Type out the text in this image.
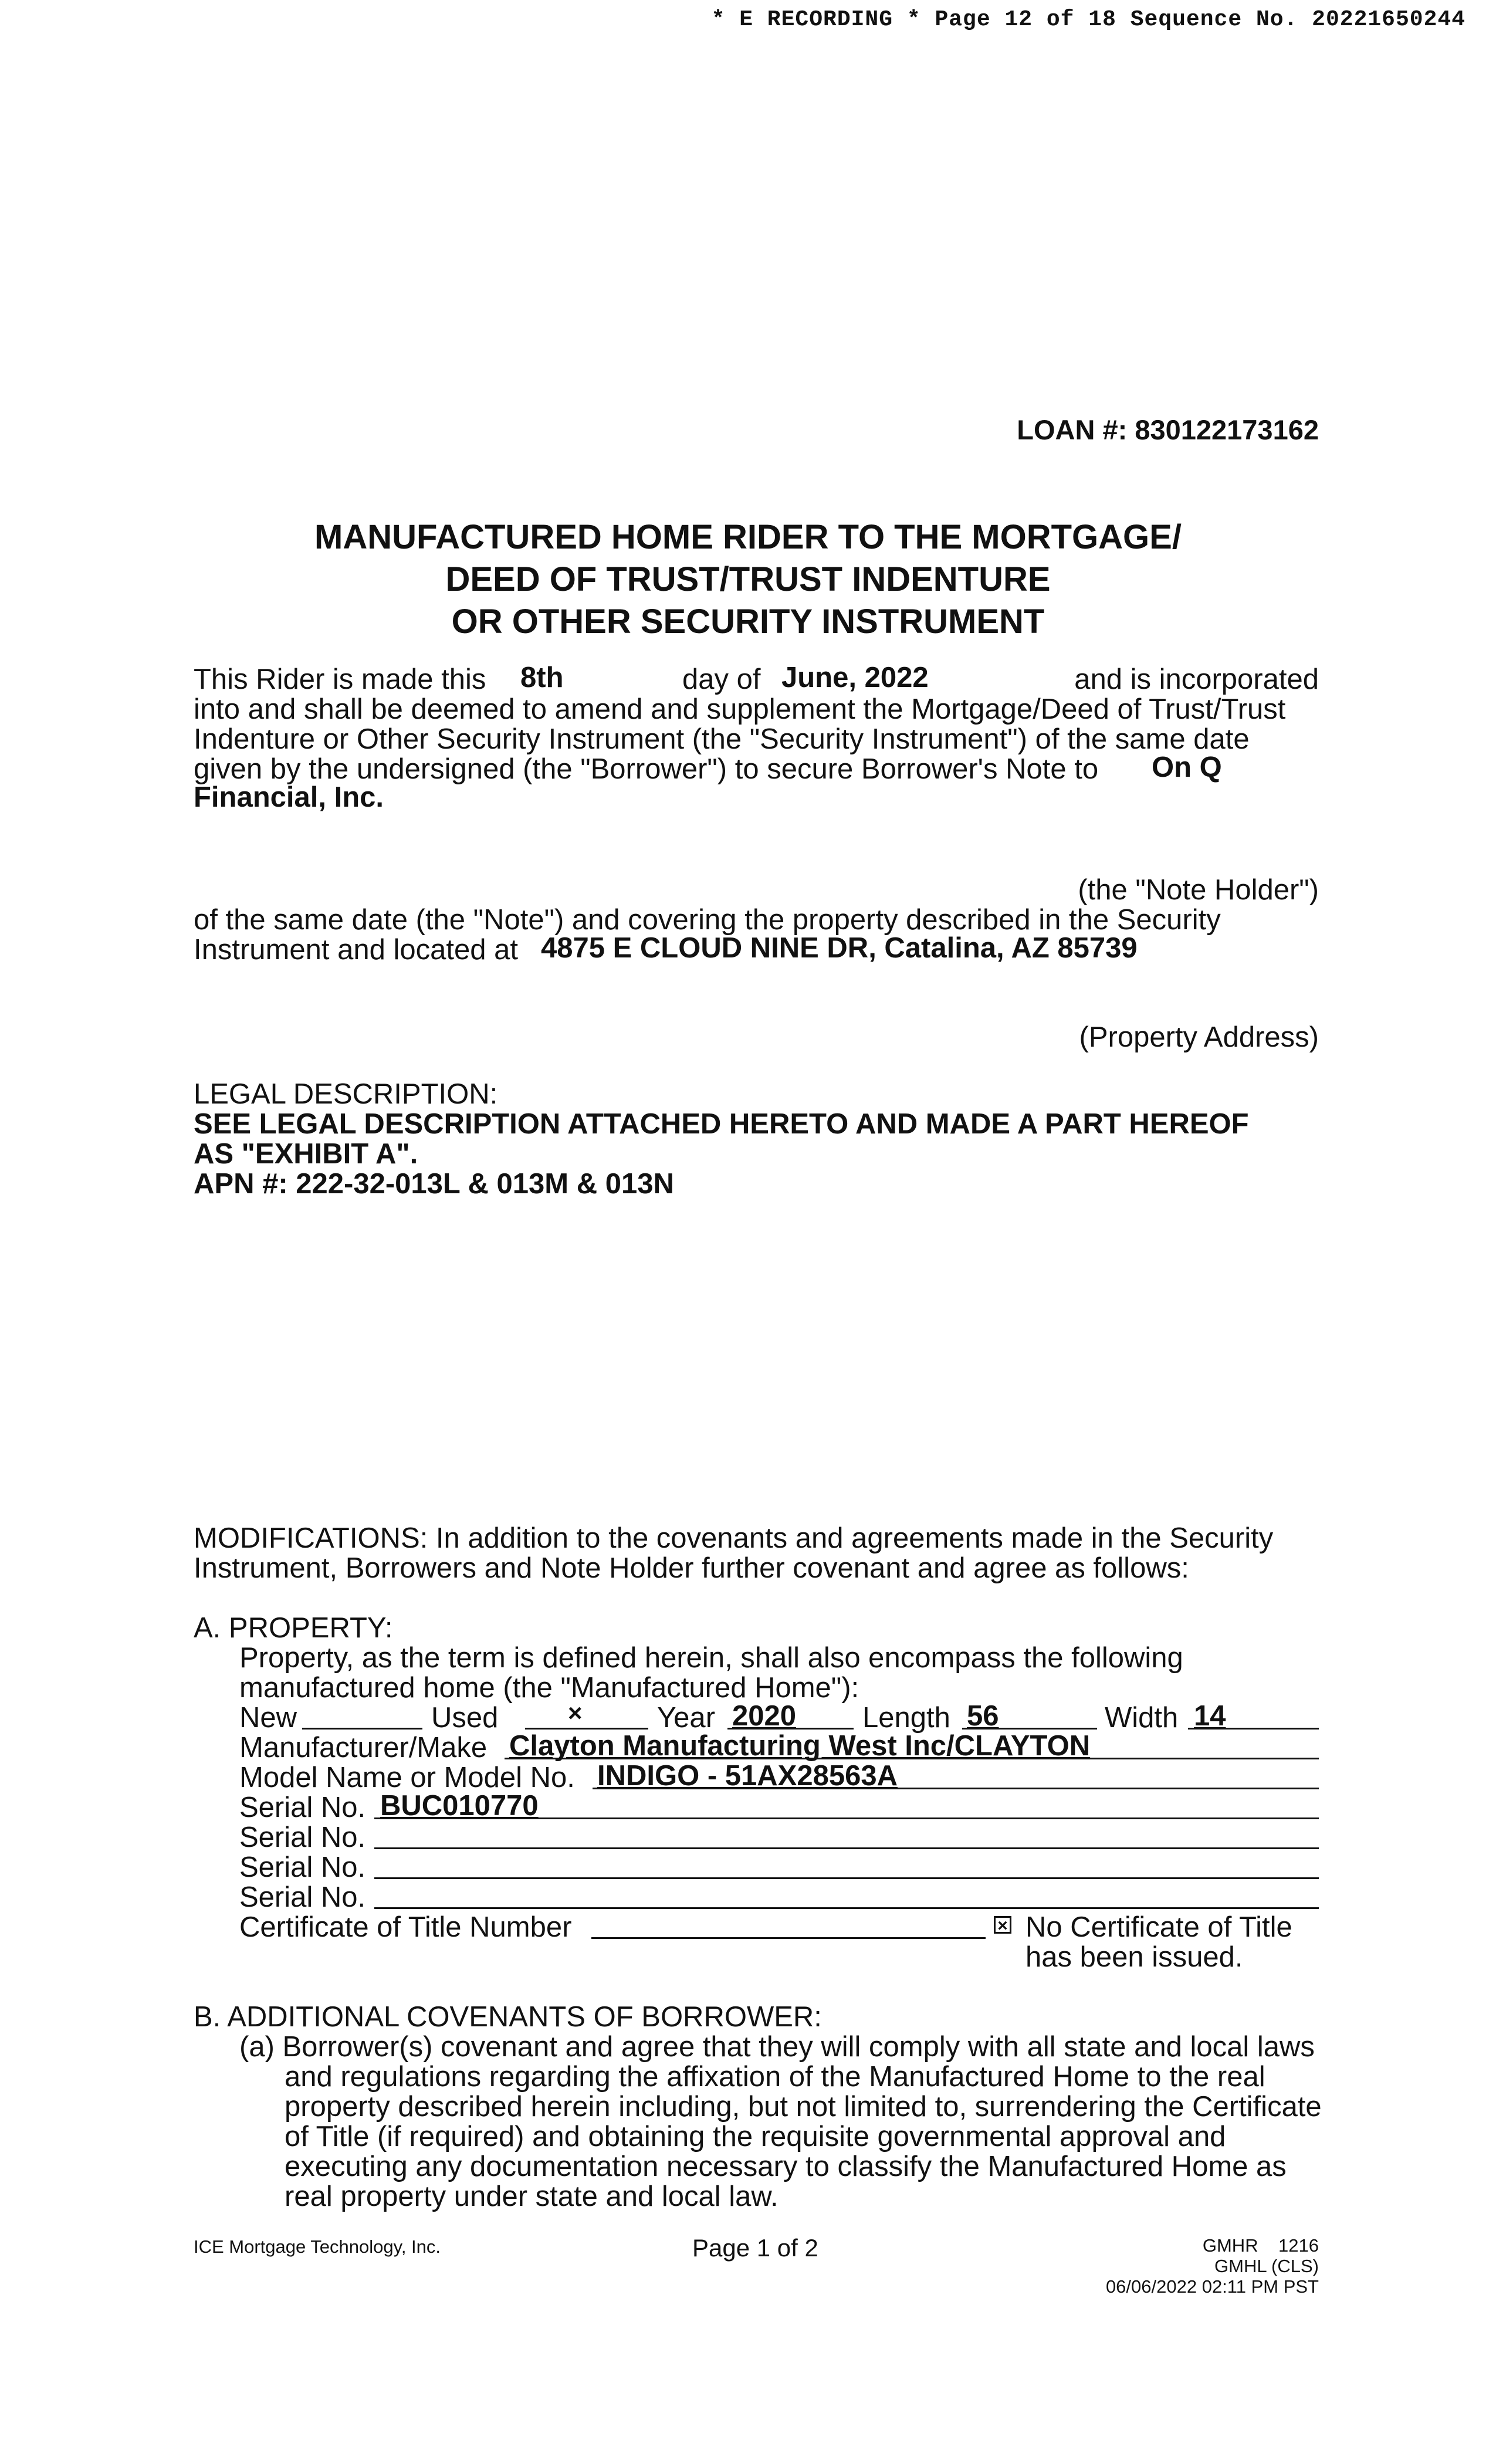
* E RECORDING * Page 12 of 18 Sequence No. 20221650244
LOAN #: 830122173162
MANUFACTURED HOME RIDER TO THE MORTGAGE/
DEED OF TRUST/TRUST INDENTURE
OR OTHER SECURITY INSTRUMENT
This Rider is made this 8th	day of June, 2022	and is incorporated
into and shall be deemed to amend and supplement the Mortgage/Deed of Trust/Trust
Indenture or Other Security Instrument (the "Security Instrument") of the same date
given by the undersigned (the "Borrower") to secure Borrower's Note to On Q
Financial, Inc.
(the "Note Holder")
of the same date (the "Note") and covering the property described in the Security
Instrument and located at 4875 E CLOUD NINE DR, Catalina, AZ 85739
(Property Address)
LEGAL DESCRIPTION:
SEE LEGAL DESCRIPTION ATTACHED HERETO AND MADE A PART HEREOF
AS "EXHIBIT A".
APN #: 222-32-013L & 013M & 013N
MODIFICATIONS: In addition to the covenants and agreements made in the Security
Instrument, Borrowers and Note Holder further covenant and agree as follows:
A. PROPERTY:
Property, as the term is defined herein, shall also encompass the following
manufactured home (the "Manufactured Home"):
New	Used	×	Year 2020 Length 56	Width 14
Manufacturer/Make Clayton Manufacturing West Inc/CLAYTON
Model Name or Model No. INDIGO - 51AX28563A
Serial No. BUC010770
Serial No.
Serial No.
Serial No.
Certificate of Title Number	× No Certificate of Title
has been issued.
B. ADDITIONAL COVENANTS OF BORROWER:
(a) Borrower(s) covenant and agree that they will comply with all state and local laws
and regulations regarding the affixation of the Manufactured Home to the real
property described herein including, but not limited to, surrendering the Certificate
of Title (if required) and obtaining the requisite governmental approval and
executing any documentation necessary to classify the Manufactured Home as
real property under state and local law.
ICE Mortgage Technology, Inc.	Page 1 of 2	GMHR    1216
GMHL (CLS)
06/06/2022 02:11 PM PST
